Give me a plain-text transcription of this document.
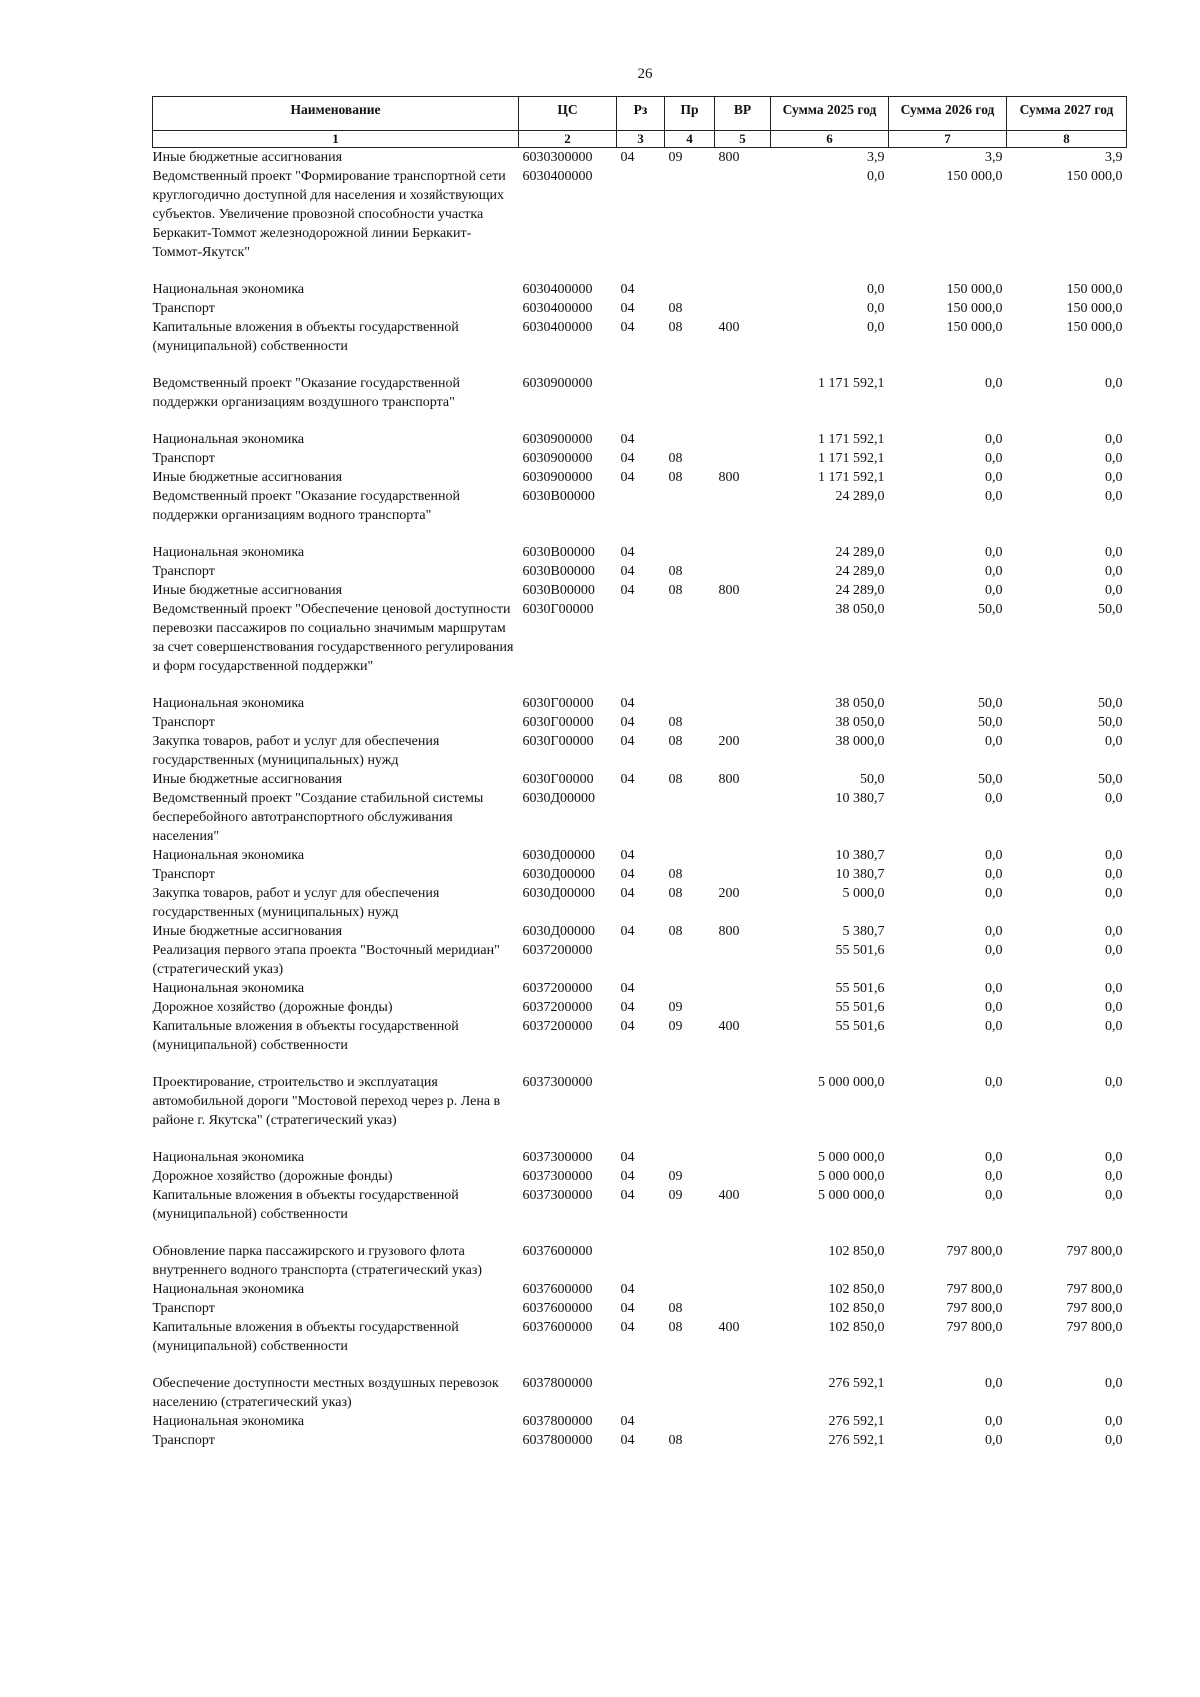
26
Наименование	ЦС	Рз	Пр	ВР	Сумма 2025 год	Сумма 2026 год	Сумма 2027 год
1	2	3	4	5	6	7	8
Иные бюджетные ассигнования	6030300000	04	09	800	3,9	3,9	3,9
Ведомственный проект "Формирование транспортной сети круглогодично доступной для населения и хозяйствующих субъектов. Увеличение провозной способности участка Беркакит-Томмот железнодорожной линии Беркакит-Томмот-Якутск"	6030400000				0,0	150 000,0	150 000,0
Национальная экономика	6030400000	04			0,0	150 000,0	150 000,0
Транспорт	6030400000	04	08		0,0	150 000,0	150 000,0
Капитальные вложения в объекты государственной (муниципальной) собственности	6030400000	04	08	400	0,0	150 000,0	150 000,0
Ведомственный проект "Оказание государственной поддержки организациям воздушного транспорта"	6030900000				1 171 592,1	0,0	0,0
Национальная экономика	6030900000	04			1 171 592,1	0,0	0,0
Транспорт	6030900000	04	08		1 171 592,1	0,0	0,0
Иные бюджетные ассигнования	6030900000	04	08	800	1 171 592,1	0,0	0,0
Ведомственный проект "Оказание государственной поддержки организациям водного транспорта"	6030В00000				24 289,0	0,0	0,0
Национальная экономика	6030В00000	04			24 289,0	0,0	0,0
Транспорт	6030В00000	04	08		24 289,0	0,0	0,0
Иные бюджетные ассигнования	6030В00000	04	08	800	24 289,0	0,0	0,0
Ведомственный проект "Обеспечение ценовой доступности перевозки пассажиров по социально значимым маршрутам за счет совершенствования государственного регулирования и форм государственной поддержки"	6030Г00000				38 050,0	50,0	50,0
Национальная экономика	6030Г00000	04			38 050,0	50,0	50,0
Транспорт	6030Г00000	04	08		38 050,0	50,0	50,0
Закупка товаров, работ и услуг для обеспечения государственных (муниципальных) нужд	6030Г00000	04	08	200	38 000,0	0,0	0,0
Иные бюджетные ассигнования	6030Г00000	04	08	800	50,0	50,0	50,0
Ведомственный проект "Создание стабильной системы бесперебойного автотранспортного обслуживания населения"	6030Д00000				10 380,7	0,0	0,0
Национальная экономика	6030Д00000	04			10 380,7	0,0	0,0
Транспорт	6030Д00000	04	08		10 380,7	0,0	0,0
Закупка товаров, работ и услуг для обеспечения государственных (муниципальных) нужд	6030Д00000	04	08	200	5 000,0	0,0	0,0
Иные бюджетные ассигнования	6030Д00000	04	08	800	5 380,7	0,0	0,0
Реализация первого этапа проекта "Восточный меридиан" (стратегический указ)	6037200000				55 501,6	0,0	0,0
Национальная экономика	6037200000	04			55 501,6	0,0	0,0
Дорожное хозяйство (дорожные фонды)	6037200000	04	09		55 501,6	0,0	0,0
Капитальные вложения в объекты государственной (муниципальной) собственности	6037200000	04	09	400	55 501,6	0,0	0,0
Проектирование, строительство и эксплуатация автомобильной дороги "Мостовой переход через р. Лена в районе г. Якутска" (стратегический указ)	6037300000				5 000 000,0	0,0	0,0
Национальная экономика	6037300000	04			5 000 000,0	0,0	0,0
Дорожное хозяйство (дорожные фонды)	6037300000	04	09		5 000 000,0	0,0	0,0
Капитальные вложения в объекты государственной (муниципальной) собственности	6037300000	04	09	400	5 000 000,0	0,0	0,0
Обновление парка пассажирского и грузового флота внутреннего водного транспорта (стратегический указ)	6037600000				102 850,0	797 800,0	797 800,0
Национальная экономика	6037600000	04			102 850,0	797 800,0	797 800,0
Транспорт	6037600000	04	08		102 850,0	797 800,0	797 800,0
Капитальные вложения в объекты государственной (муниципальной) собственности	6037600000	04	08	400	102 850,0	797 800,0	797 800,0
Обеспечение доступности местных воздушных перевозок населению (стратегический указ)	6037800000				276 592,1	0,0	0,0
Национальная экономика	6037800000	04			276 592,1	0,0	0,0
Транспорт	6037800000	04	08		276 592,1	0,0	0,0
